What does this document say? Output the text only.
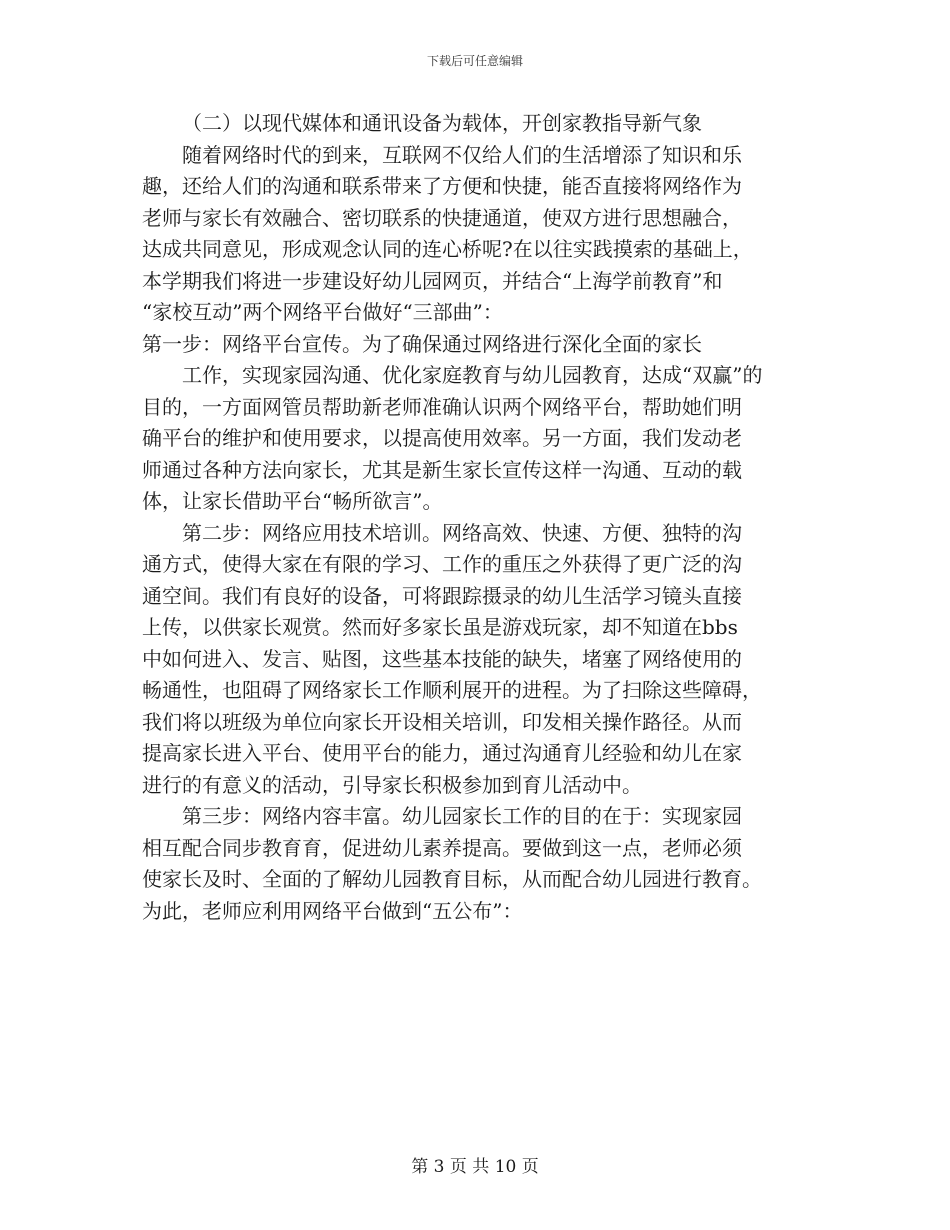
下载后可任意编辑
（二）以现代媒体和通讯设备为载体，开创家教指导新气象
随着网络时代的到来，互联网不仅给人们的生活增添了知识和乐
趣，还给人们的沟通和联系带来了方便和快捷，能否直接将网络作为
老师与家长有效融合、密切联系的快捷通道，使双方进行思想融合，
达成共同意见，形成观念认同的连心桥呢?在以往实践摸索的基础上，
本学期我们将进一步建设好幼儿园网页，并结合“上海学前教育”和
“家校互动”两个网络平台做好“三部曲”：
第一步：网络平台宣传。为了确保通过网络进行深化全面的家长
工作，实现家园沟通、优化家庭教育与幼儿园教育，达成“双赢”的
目的，一方面网管员帮助新老师准确认识两个网络平台，帮助她们明
确平台的维护和使用要求，以提高使用效率。另一方面，我们发动老
师通过各种方法向家长，尤其是新生家长宣传这样一沟通、互动的载
体，让家长借助平台“畅所欲言”。
第二步：网络应用技术培训。网络高效、快速、方便、独特的沟
通方式，使得大家在有限的学习、工作的重压之外获得了更广泛的沟
通空间。我们有良好的设备，可将跟踪摄录的幼儿生活学习镜头直接
上传，以供家长观赏。然而好多家长虽是游戏玩家，却不知道在bbs
中如何进入、发言、贴图，这些基本技能的缺失，堵塞了网络使用的
畅通性，也阻碍了网络家长工作顺利展开的进程。为了扫除这些障碍，
我们将以班级为单位向家长开设相关培训，印发相关操作路径。从而
提高家长进入平台、使用平台的能力，通过沟通育儿经验和幼儿在家
进行的有意义的活动，引导家长积极参加到育儿活动中。
第三步：网络内容丰富。幼儿园家长工作的目的在于：实现家园
相互配合同步教育育，促进幼儿素养提高。要做到这一点，老师必须
使家长及时、全面的了解幼儿园教育目标，从而配合幼儿园进行教育。
为此，老师应利用网络平台做到“五公布”：
第 3 页 共 10 页
